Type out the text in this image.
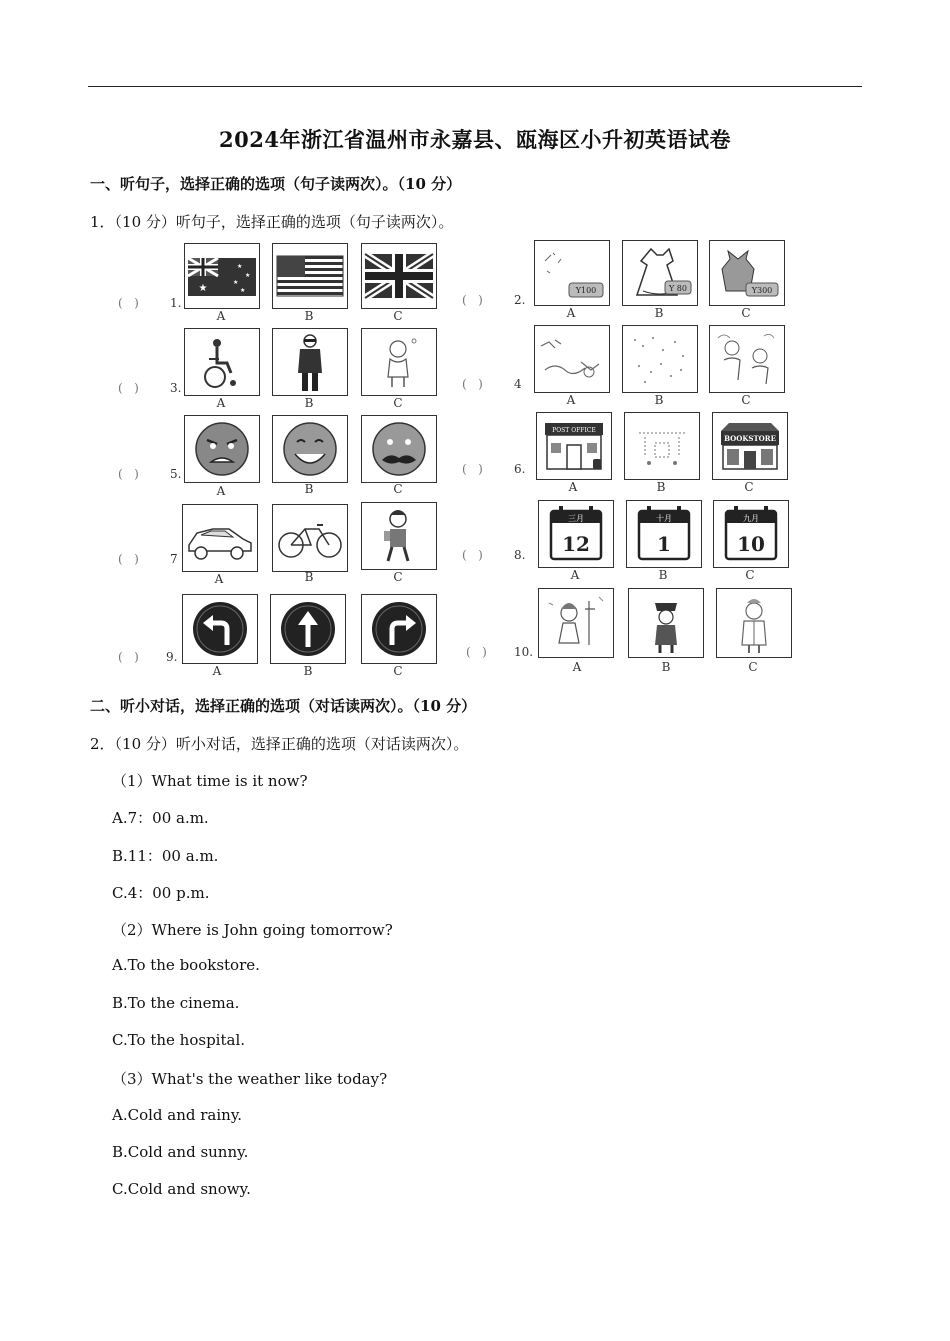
2024年浙江省温州市永嘉县、瓯海区小升初英语试卷
一、听句子，选择正确的选项（句子读两次）。（10 分）
1．（10 分）听句子，选择正确的选项（句子读两次）。
(   )	1.
★
★
★
★
★
A	B	C
(   )	2.
Y100	Y 80	Y300
A	B	C
(   )	3.
A	B	C
(   )	4
A	B	C
(   )	5.
A	B	C
(   )	6.
POST OFFICE
BOOKSTORE
A	B	C
(   )	7
A	B	C
(   )	8.
三月
12
十月
1
九月
10
A	B	C
(   ) 9.
A	B	C
(   ) 10.
A	B	C
二、听小对话，选择正确的选项（对话读两次）。（10 分）
2．（10 分）听小对话，选择正确的选项（对话读两次）。
（1）What time is it now?
A.7：00 a.m.
B.11：00 a.m.
C.4：00 p.m.
（2）Where is John going tomorrow?
A.To the bookstore.
B.To the cinema.
C.To the hospital.
（3）What's the weather like today?
A.Cold and rainy.
B.Cold and sunny.
C.Cold and snowy.
